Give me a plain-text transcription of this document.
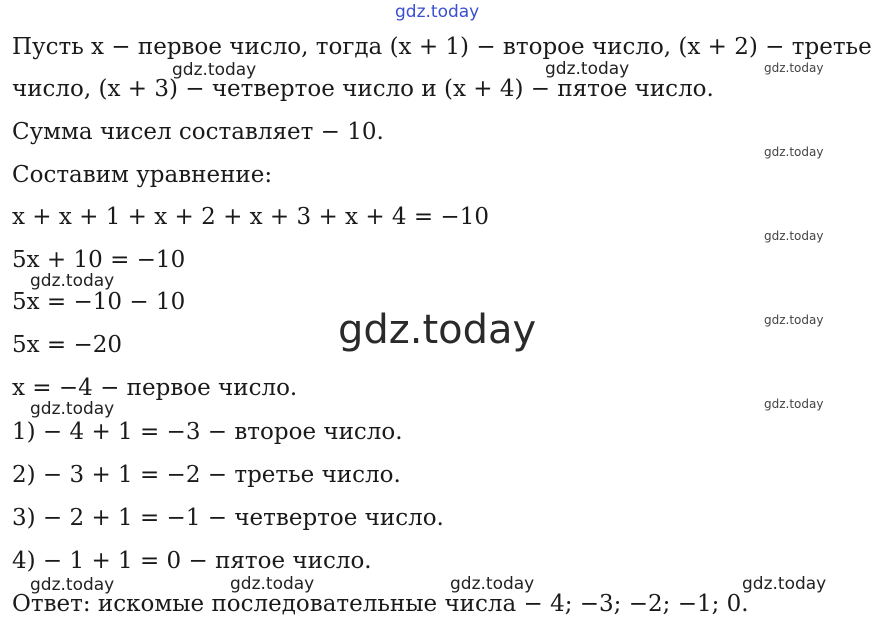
gdz.today
Пусть x − первое число, тогда (x + 1) − второе число, (x + 2) − третье
число, (x + 3) − четвертое число и (x + 4) − пятое число.
Сумма чисел составляет − 10.
Составим уравнение:
x + x + 1 + x + 2 + x + 3 + x + 4 = −10
5x + 10 = −10
5x = −10 − 10
5x = −20
x = −4 − первое число.
1) − 4 + 1 = −3 − второе число.
2) − 3 + 1 = −2 − третье число.
3) − 2 + 1 = −1 − четвертое число.
4) − 1 + 1 = 0 − пятое число.
Ответ: искомые последовательные числа − 4; −3; −2; −1; 0.
gdz.today
gdz.today	gdz.today
gdz.today
gdz.today
gdz.today	gdz.today	gdz.today	gdz.today
gdz.today
gdz.today
gdz.today
gdz.today
gdz.today
